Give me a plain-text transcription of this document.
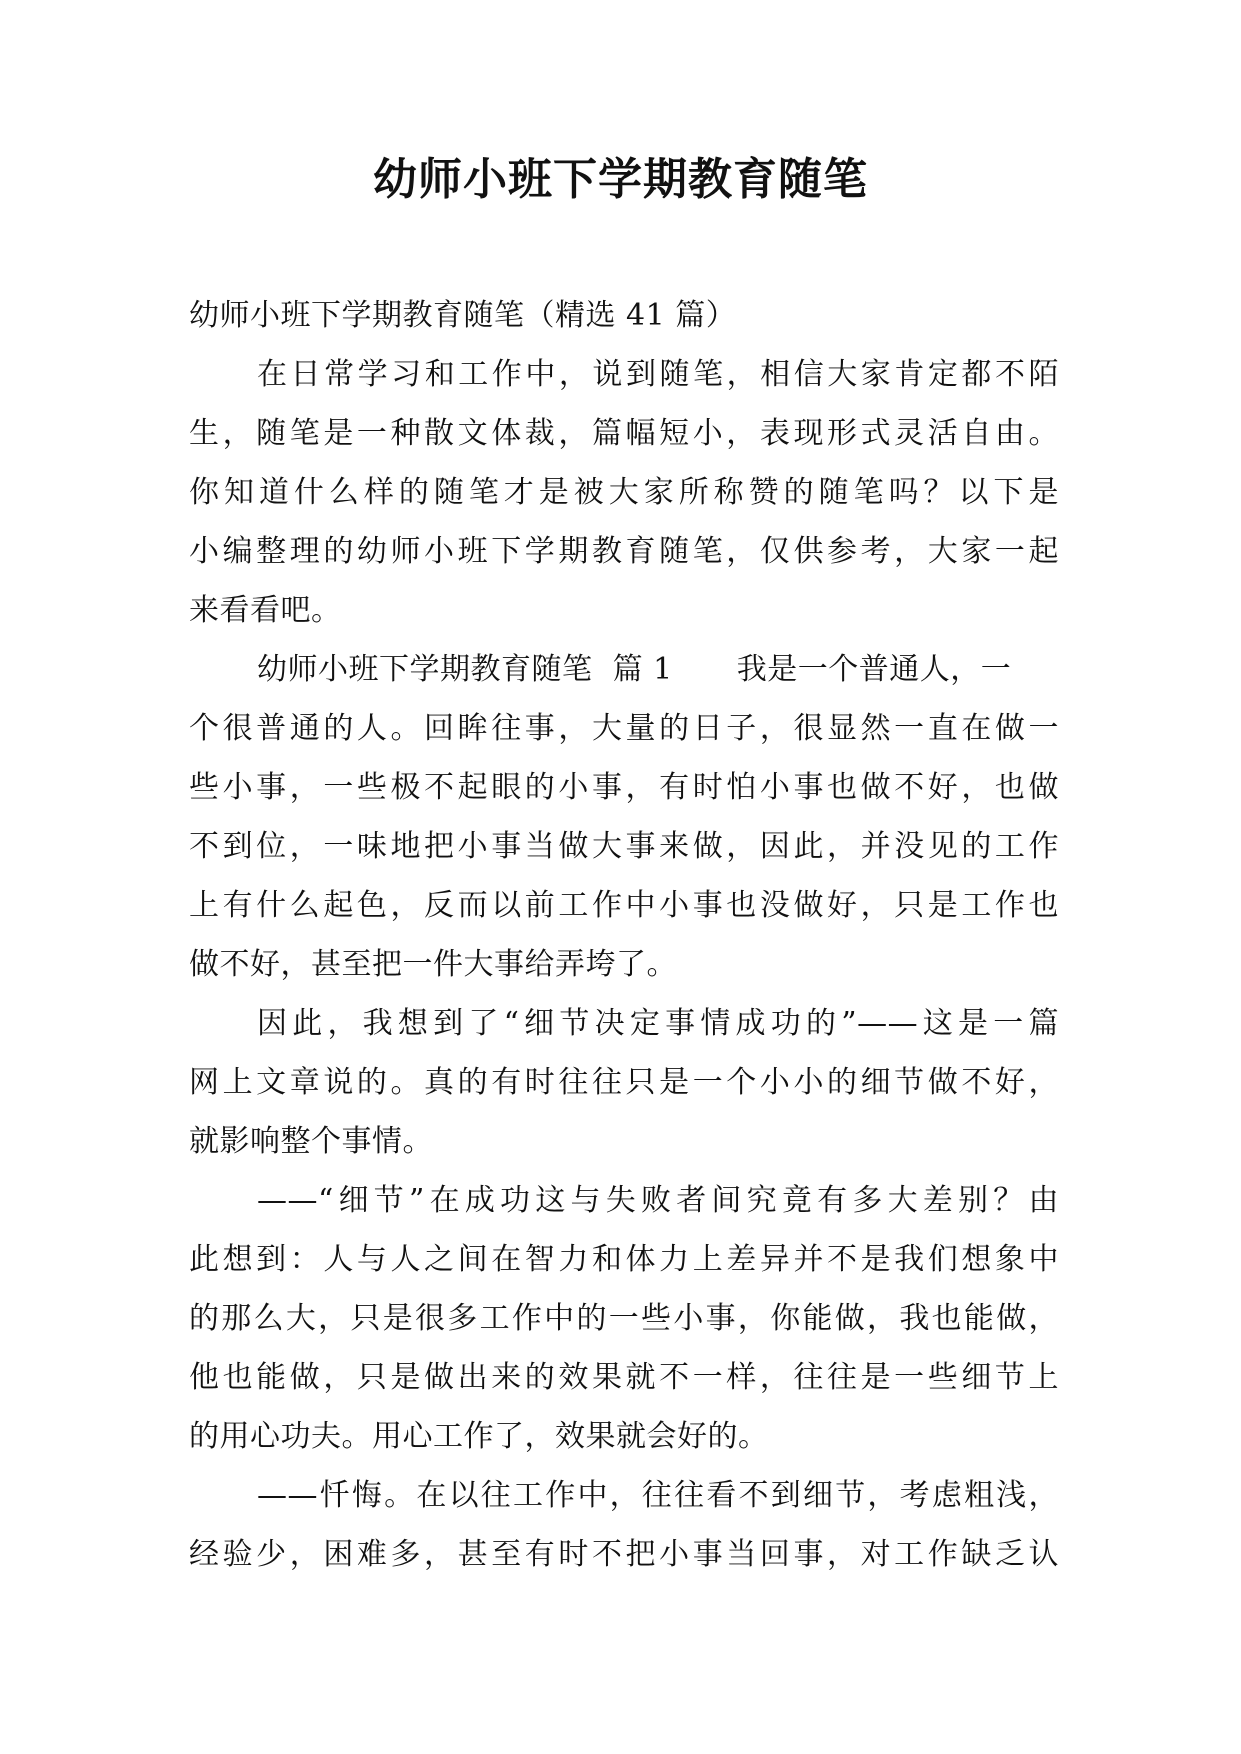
幼师小班下学期教育随笔

幼师小班下学期教育随笔（精选 41 篇）

在日常学习和工作中，说到随笔，相信大家肯定都不陌

生，随笔是一种散文体裁，篇幅短小，表现形式灵活自由。

你知道什么样的随笔才是被大家所称赞的随笔吗？以下是

小编整理的幼师小班下学期教育随笔，仅供参考，大家一起

来看看吧。

幼师小班下学期教育随笔  篇 1 我是一个普通人，一

个很普通的人。回眸往事，大量的日子，很显然一直在做一

些小事，一些极不起眼的小事，有时怕小事也做不好，也做

不到位，一味地把小事当做大事来做，因此，并没见的工作

上有什么起色，反而以前工作中小事也没做好，只是工作也

做不好，甚至把一件大事给弄垮了。

因此，我想到了“细节决定事情成功的”——这是一篇

网上文章说的。真的有时往往只是一个小小的细节做不好，

就影响整个事情。

——“细节”在成功这与失败者间究竟有多大差别？由

此想到：人与人之间在智力和体力上差异并不是我们想象中

的那么大，只是很多工作中的一些小事，你能做，我也能做，

他也能做，只是做出来的效果就不一样，往往是一些细节上

的用心功夫。用心工作了，效果就会好的。

——忏悔。在以往工作中，往往看不到细节，考虑粗浅，

经验少，困难多，甚至有时不把小事当回事，对工作缺乏认
